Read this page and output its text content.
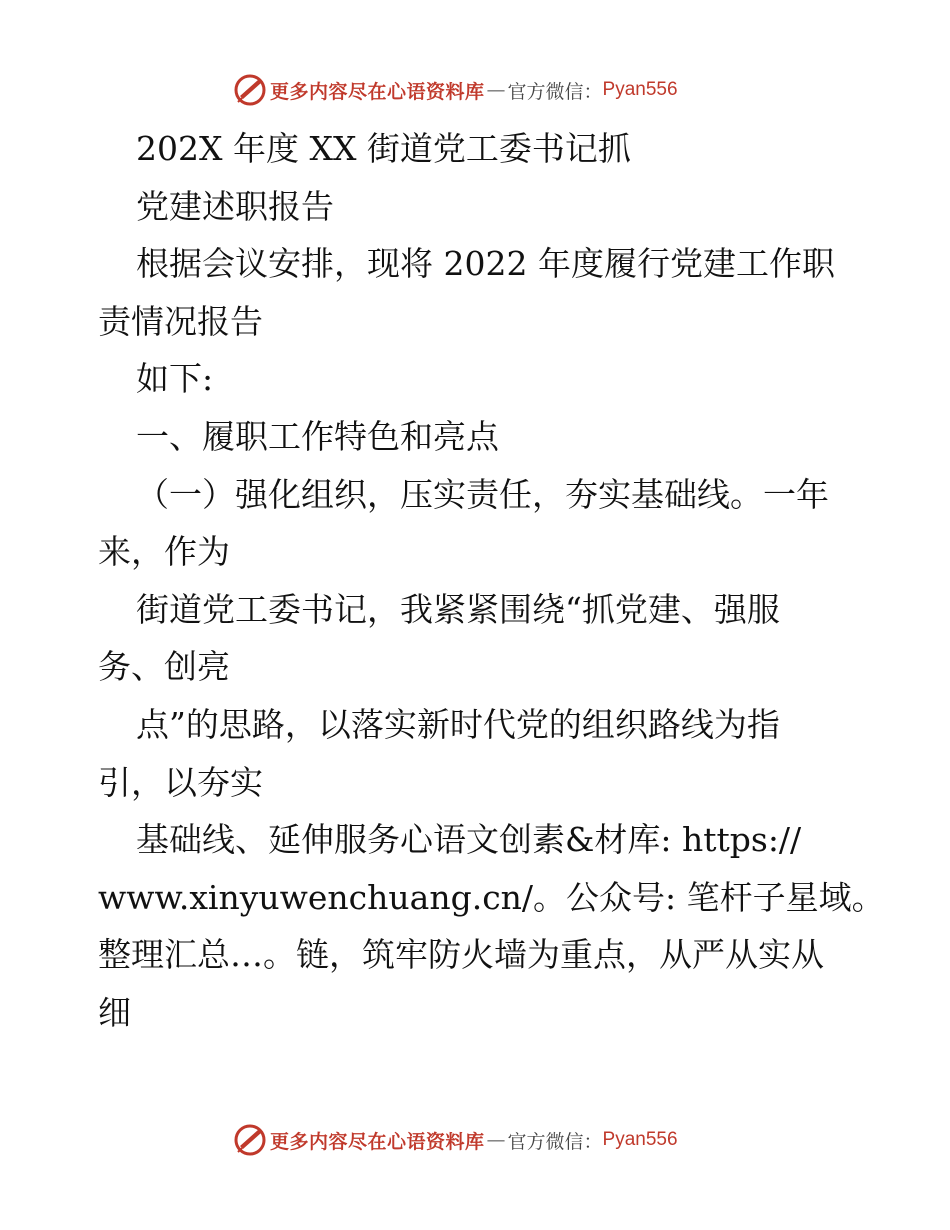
更多内容尽在心语资料库 — 官方微信： Pyan556
202X 年度 XX 街道党工委书记抓
党建述职报告
根据会议安排，现将 2022 年度履行党建工作职
责情况报告
如下:
一、履职工作特色和亮点
（一）强化组织，压实责任，夯实基础线。一年
来，作为
街道党工委书记，我紧紧围绕“抓党建、强服
务、创亮
点”的思路，以落实新时代党的组织路线为指
引，以夯实
基础线、延伸服务心语文创素&材库: https://
www.xinyuwenchuang.cn/。公众号: 笔杆子星域。
整理汇总…。链，筑牢防火墙为重点，从严从实从
细
更多内容尽在心语资料库 — 官方微信： Pyan556
